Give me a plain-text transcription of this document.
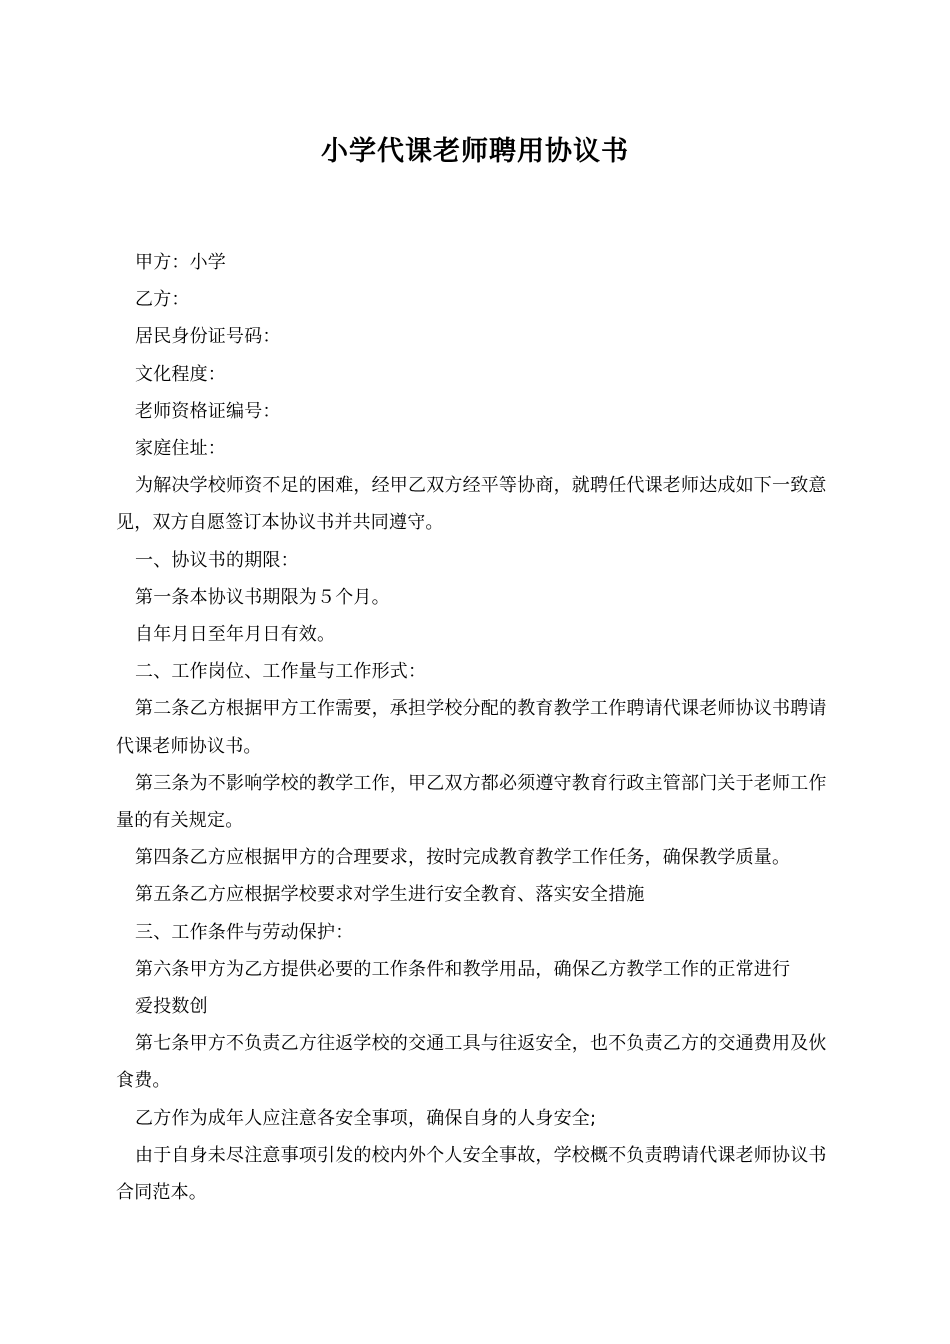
小学代课老师聘用协议书

甲方：小学

乙方：

居民身份证号码：

文化程度：

老师资格证编号：

家庭住址：

为解决学校师资不足的困难，经甲乙双方经平等协商，就聘任代课老师达成如下一致意见，双方自愿签订本协议书并共同遵守。

一、协议书的期限：

第一条本协议书期限为５个月。

自年月日至年月日有效。

二、工作岗位、工作量与工作形式：

第二条乙方根据甲方工作需要，承担学校分配的教育教学工作聘请代课老师协议书聘请代课老师协议书。

第三条为不影响学校的教学工作，甲乙双方都必须遵守教育行政主管部门关于老师工作量的有关规定。

第四条乙方应根据甲方的合理要求，按时完成教育教学工作任务，确保教学质量。

第五条乙方应根据学校要求对学生进行安全教育、落实安全措施

三、工作条件与劳动保护：

第六条甲方为乙方提供必要的工作条件和教学用品，确保乙方教学工作的正常进行

爱投数创

第七条甲方不负责乙方往返学校的交通工具与往返安全，也不负责乙方的交通费用及伙食费。

乙方作为成年人应注意各安全事项，确保自身的人身安全;

由于自身未尽注意事项引发的校内外个人安全事故，学校概不负责聘请代课老师协议书合同范本。
